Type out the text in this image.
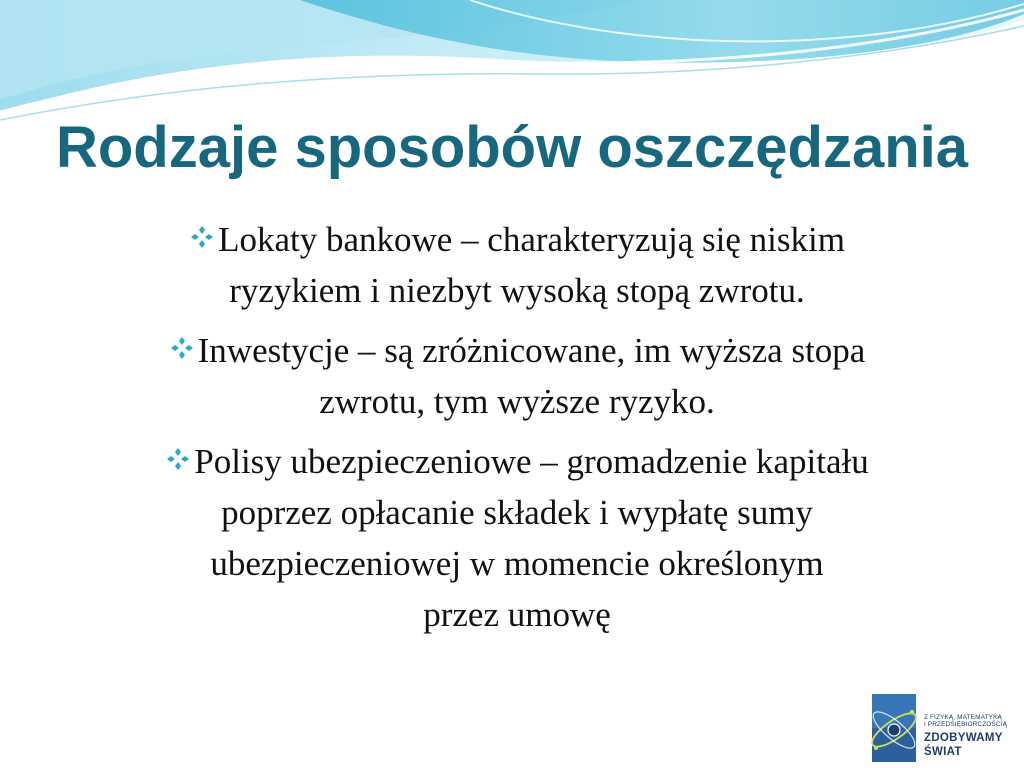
Rodzaje sposobów oszczędzania
Lokaty bankowe – charakteryzują się niskim
ryzykiem i niezbyt wysoką stopą zwrotu.
Inwestycje – są zróżnicowane, im wyższa stopa
zwrotu, tym wyższe ryzyko.
Polisy ubezpieczeniowe – gromadzenie kapitału
poprzez opłacanie składek i wypłatę sumy
ubezpieczeniowej w momencie określonym
przez umowę
Z FIZYKĄ, MATEMATYKĄ
I PRZEDSIĘBIORCZOŚCIĄ
ZDOBYWAMY
ŚWIAT
